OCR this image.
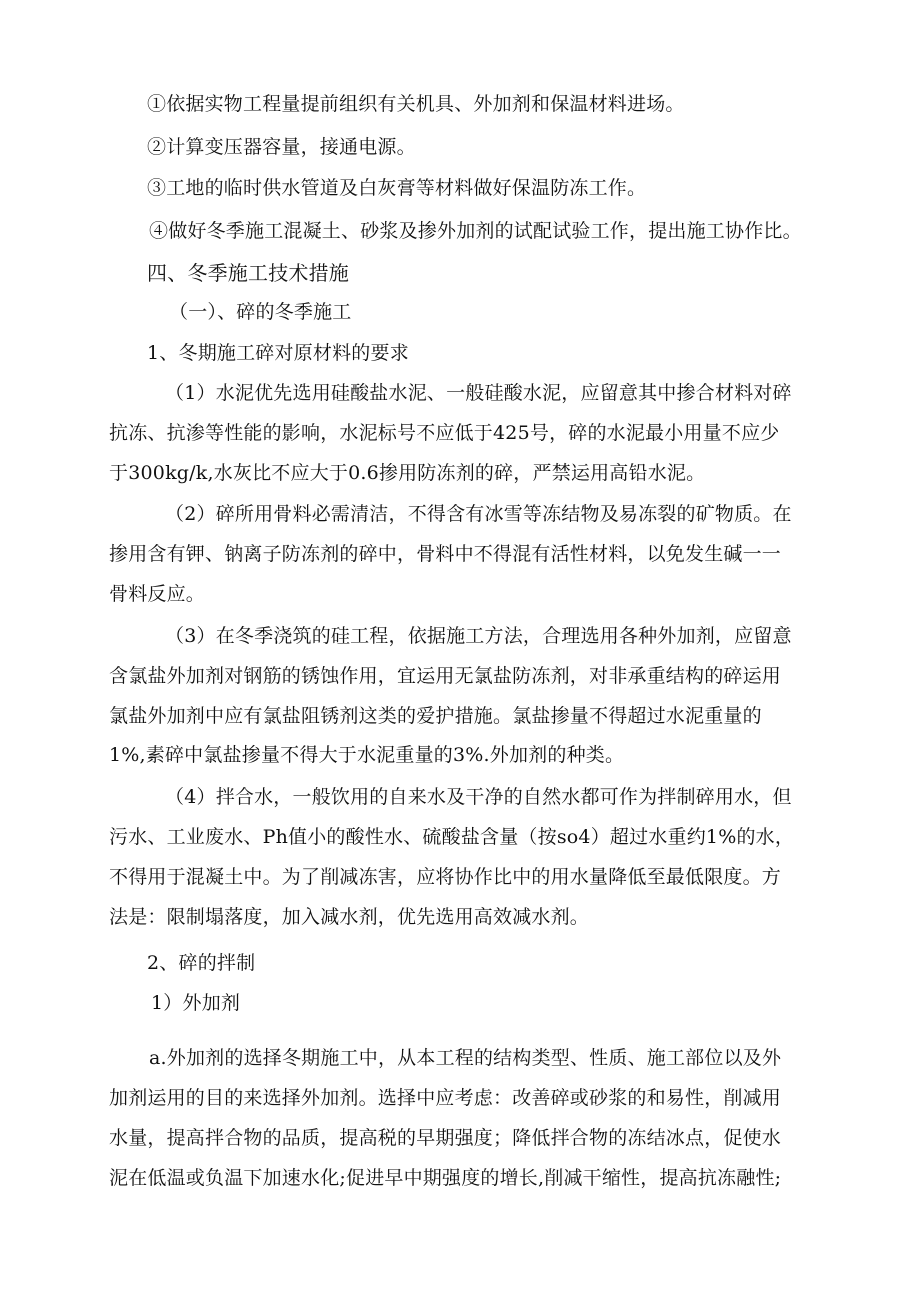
①依据实物工程量提前组织有关机具、外加剂和保温材料进场。

②计算变压器容量，接通电源。

③工地的临时供水管道及白灰膏等材料做好保温防冻工作。

④做好冬季施工混凝土、砂浆及掺外加剂的试配试验工作，提出施工协作比。

四、冬季施工技术措施

（一）、碎的冬季施工

1、冬期施工碎对原材料的要求

（1）水泥优先选用硅酸盐水泥、一般硅酸水泥，应留意其中掺合材料对碎

抗冻、抗渗等性能的影响，水泥标号不应低于425号，碎的水泥最小用量不应少

于300kg/k,水灰比不应大于0.6掺用防冻剂的碎，严禁运用高铅水泥。

（2）碎所用骨料必需清洁，不得含有冰雪等冻结物及易冻裂的矿物质。在

掺用含有钾、钠离子防冻剂的碎中，骨料中不得混有活性材料，以免发生碱一一

骨料反应。

（3）在冬季浇筑的硅工程，依据施工方法，合理选用各种外加剂，应留意

含氯盐外加剂对钢筋的锈蚀作用，宜运用无氯盐防冻剂，对非承重结构的碎运用

氯盐外加剂中应有氯盐阻锈剂这类的爱护措施。氯盐掺量不得超过水泥重量的

1%,素碎中氯盐掺量不得大于水泥重量的3%.外加剂的种类。

（4）拌合水，一般饮用的自来水及干净的自然水都可作为拌制碎用水，但

污水、工业废水、Ph值小的酸性水、硫酸盐含量（按so4）超过水重约1%的水，

不得用于混凝土中。为了削减冻害，应将协作比中的用水量降低至最低限度。方

法是：限制塌落度，加入减水剂，优先选用高效减水剂。

2、碎的拌制

1）外加剂

a.外加剂的选择冬期施工中，从本工程的结构类型、性质、施工部位以及外

加剂运用的目的来选择外加剂。选择中应考虑：改善碎或砂浆的和易性，削减用

水量，提高拌合物的品质，提高税的早期强度；降低拌合物的冻结冰点，促使水

泥在低温或负温下加速水化;促进早中期强度的增长,削减干缩性，提高抗冻融性;
